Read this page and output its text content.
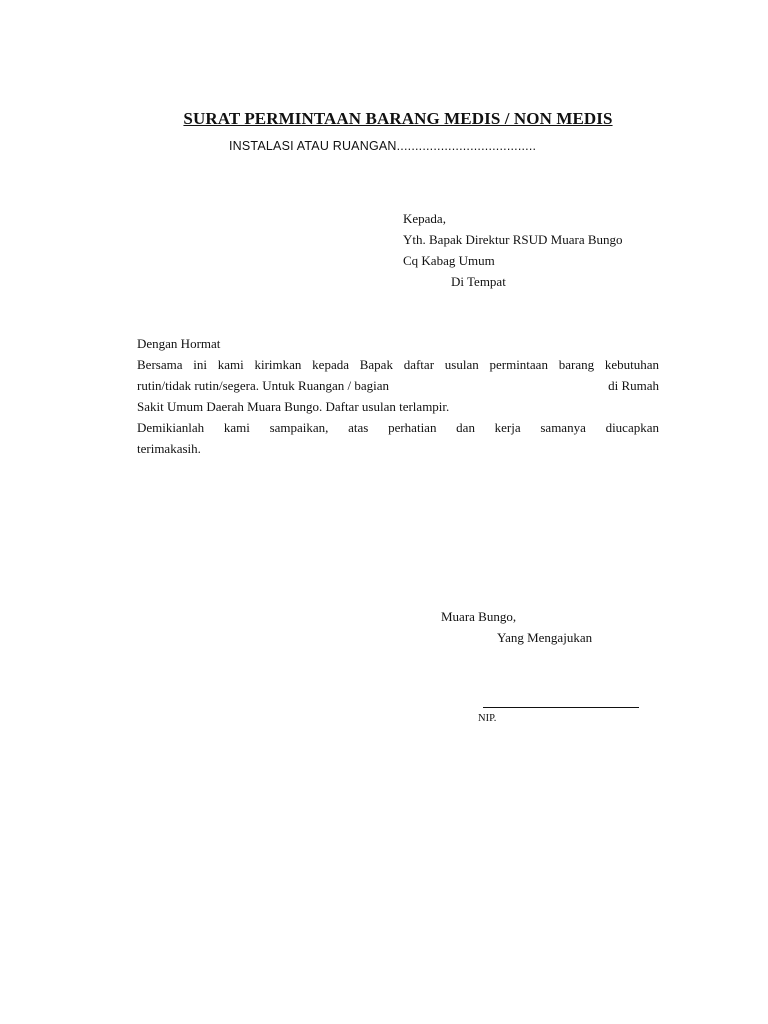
SURAT PERMINTAAN BARANG MEDIS / NON MEDIS
INSTALASI ATAU RUANGAN......................................
Kepada,
Yth. Bapak Direktur RSUD Muara Bungo
Cq Kabag Umum
Di Tempat
Dengan Hormat
Bersama ini kami kirimkan kepada Bapak daftar usulan permintaan barang kebutuhan
rutin/tidak rutin/segera. Untuk Ruangan / bagian	di Rumah
Sakit Umum Daerah Muara Bungo. Daftar usulan terlampir.
Demikianlah kami sampaikan, atas perhatian dan kerja samanya diucapkan
terimakasih.
Muara Bungo,
Yang Mengajukan
NIP.
